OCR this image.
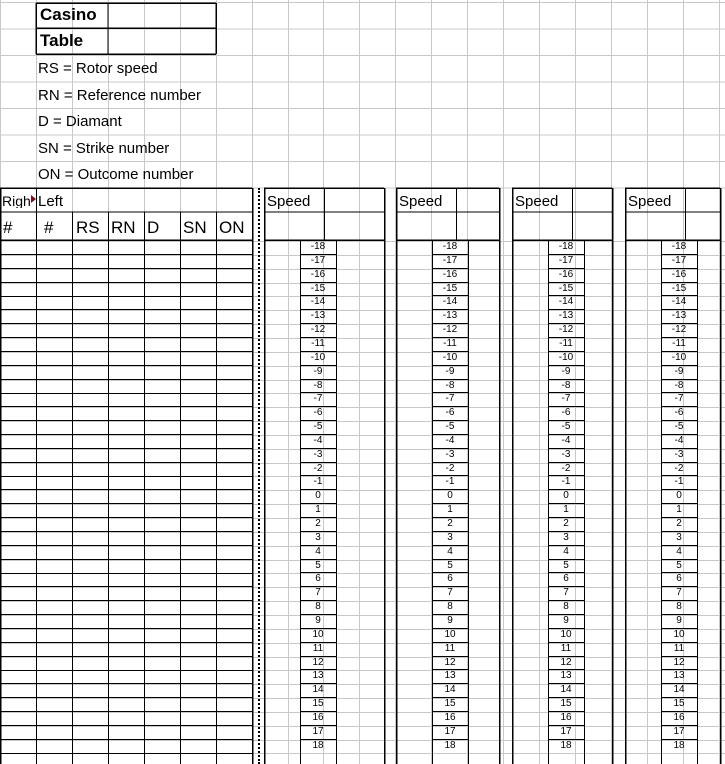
Casino
Table
RS = Rotor speed
RN = Reference number
D = Diamant
SN = Strike number
ON = Outcome number
Righ Left
# # RS RN D SN ON
Speed
-18
-17
-16
-15
-14
-13
-12
-11
-10
-9
-8
-7
-6
-5
-4
-3
-2
-1
0
1
2
3
4
5
6
7
8
9
10
11
12
13
14
15
16
17
18
Speed
-18
-17
-16
-15
-14
-13
-12
-11
-10
-9
-8
-7
-6
-5
-4
-3
-2
-1
0
1
2
3
4
5
6
7
8
9
10
11
12
13
14
15
16
17
18
Speed
-18
-17
-16
-15
-14
-13
-12
-11
-10
-9
-8
-7
-6
-5
-4
-3
-2
-1
0
1
2
3
4
5
6
7
8
9
10
11
12
13
14
15
16
17
18
Speed
-18
-17
-16
-15
-14
-13
-12
-11
-10
-9
-8
-7
-6
-5
-4
-3
-2
-1
0
1
2
3
4
5
6
7
8
9
10
11
12
13
14
15
16
17
18
